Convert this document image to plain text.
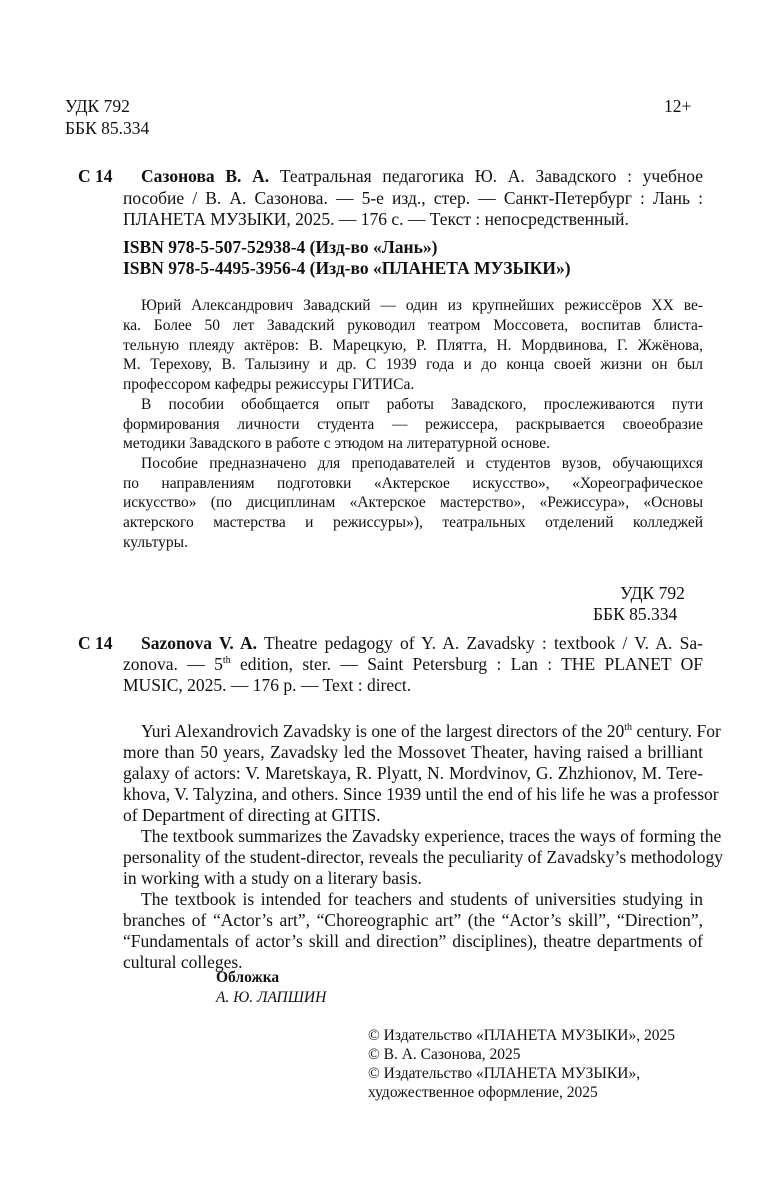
УДК 792
ББК 85.334
12+
С 14 Сазонова В. А. Театральная педагогика Ю. А. Завадского : учебное
пособие / В. А. Сазонова. — 5-е изд., стер. — Санкт-Петербург : Лань :
ПЛАНЕТА МУЗЫКИ, 2025. — 176 с. — Текст : непосредственный.
ISBN 978-5-507-52938-4 (Изд-во «Лань»)
ISBN 978-5-4495-3956-4 (Изд-во «ПЛАНЕТА МУЗЫКИ»)
Юрий Александрович Завадский — один из крупнейших режиссёров XX ве-
ка. Более 50 лет Завадский руководил театром Моссовета, воспитав блиста-
тельную плеяду актёров: В. Марецкую, Р. Плятта, Н. Мордвинова, Г. Жжёнова,
М. Терехову, В. Талызину и др. С 1939 года и до конца своей жизни он был
профессором кафедры режиссуры ГИТИСа.
В пособии обобщается опыт работы Завадского, прослеживаются пути
формирования личности студента — режиссера, раскрывается своеобразие
методики Завадского в работе с этюдом на литературной основе.
Пособие предназначено для преподавателей и студентов вузов, обучающихся
по направлениям подготовки «Актерское искусство», «Хореографическое
искусство» (по дисциплинам «Актерское мастерство», «Режиссура», «Основы
актерского мастерства и режиссуры»), театральных отделений колледжей
культуры.
УДК 792
ББК 85.334
С 14 Sazonova V. A. Theatre pedagogy of Y. A. Zavadsky : textbook / V. A. Sa-
zonova. — 5th edition, ster. — Saint Petersburg : Lan : THE PLANET OF
MUSIC, 2025. — 176 p. — Text : direct.
Yuri Alexandrovich Zavadsky is one of the largest directors of the 20th century. For
more than 50 years, Zavadsky led the Mossovet Theater, having raised a brilliant
galaxy of actors: V. Maretskaya, R. Plyatt, N. Mordvinov, G. Zhzhionov, M. Tere-
khova, V. Talyzina, and others. Since 1939 until the end of his life he was a professor
of Department of directing at GITIS.
The textbook summarizes the Zavadsky experience, traces the ways of forming the
personality of the student-director, reveals the peculiarity of Zavadsky’s methodology
in working with a study on a literary basis.
The textbook is intended for teachers and students of universities studying in
branches of “Actor’s art”, “Choreographic art” (the “Actor’s skill”, “Direction”,
“Fundamentals of actor’s skill and direction” disciplines), theatre departments of
cultural colleges.
Обложка
А. Ю. ЛАПШИН
© Издательство «ПЛАНЕТА МУЗЫКИ», 2025
© В. А. Сазонова, 2025
© Издательство «ПЛАНЕТА МУЗЫКИ»,
художественное оформление, 2025
